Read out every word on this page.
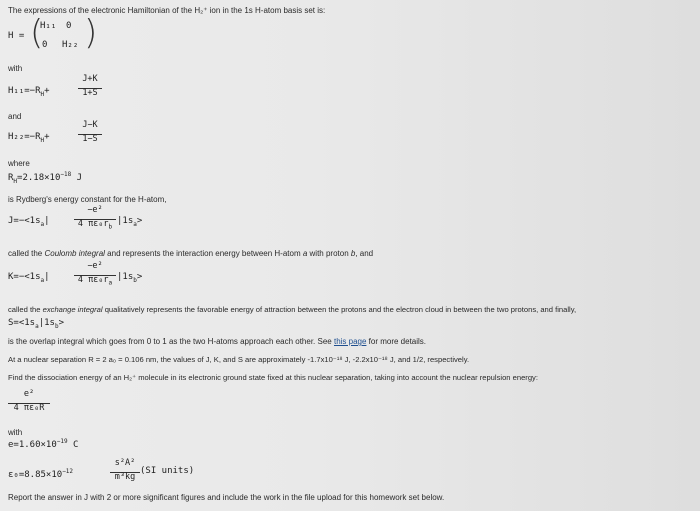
The expressions of the electronic Hamiltonian of the H₂⁺ ion in the 1s H-atom basis set is:
H = (
H₁₁ 0
0 H₂₂ )
with
$H_{11}=-R_H+$
J+K
1+S
and
$H_{22}=-R_H+$
J−K
1−S
where
$R_H=2.18\times 10^{-18}$ J
is Rydberg's energy constant for the H-atom,
$J=-<1s_a|$
−e²
4 $\pi\varepsilon_0r_b$
$|1s_a>$
called the Coulomb integral and represents the interaction energy between H-atom a with proton b, and
$K=-<1s_a|$
−e²
4 $\pi\varepsilon_0r_a$
$|1s_b>$
called the exchange integral qualitatively represents the favorable energy of attraction between the protons and the electron cloud in between the two protons, and finally,
$S=<1s_a|1s_b>$
is the overlap integral which goes from 0 to 1 as the two H-atoms approach each other. See this page for more details.
At a nuclear separation R = 2 a₀ = 0.106 nm, the values of J, K, and S are approximately -1.7x10⁻¹⁸ J, -2.2x10⁻¹⁸ J, and 1/2, respectively.
Find the dissociation energy of an H₂⁺ molecule in its electronic ground state fixed at this nuclear separation, taking into account the nuclear repulsion energy:
e²
4 πε₀R
with
$e=1.60\times 10^{-19}$ C
$\varepsilon_0=8.85\times 10^{-12}$
s²A²
m³kg
(SI units)
Report the answer in J with 2 or more significant figures and include the work in the file upload for this homework set below.
